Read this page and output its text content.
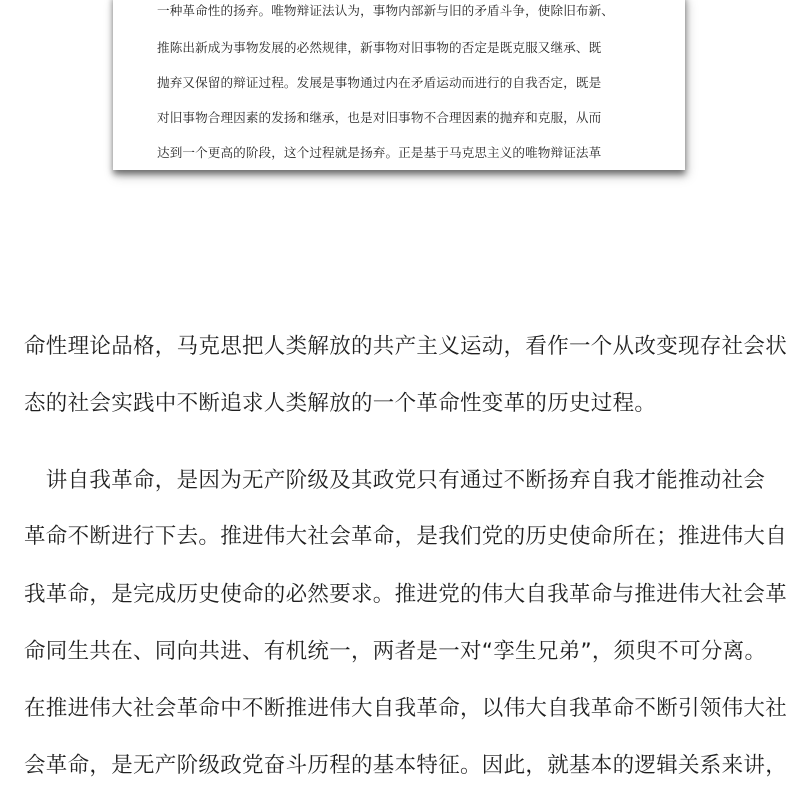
一种革命性的扬弃。唯物辩证法认为，事物内部新与旧的矛盾斗争，使除旧布新、
推陈出新成为事物发展的必然规律，新事物对旧事物的否定是既克服又继承、既
抛弃又保留的辩证过程。发展是事物通过内在矛盾运动而进行的自我否定，既是
对旧事物合理因素的发扬和继承，也是对旧事物不合理因素的抛弃和克服，从而
达到一个更高的阶段，这个过程就是扬弃。正是基于马克思主义的唯物辩证法革
命性理论品格，马克思把人类解放的共产主义运动，看作一个从改变现存社会状
态的社会实践中不断追求人类解放的一个革命性变革的历史过程。
　讲自我革命，是因为无产阶级及其政党只有通过不断扬弃自我才能推动社会
革命不断进行下去。推进伟大社会革命，是我们党的历史使命所在；推进伟大自
我革命，是完成历史使命的必然要求。推进党的伟大自我革命与推进伟大社会革
命同生共在、同向共进、有机统一，两者是一对“孪生兄弟”，须臾不可分离。
在推进伟大社会革命中不断推进伟大自我革命，以伟大自我革命不断引领伟大社
会革命，是无产阶级政党奋斗历程的基本特征。因此，就基本的逻辑关系来讲，
